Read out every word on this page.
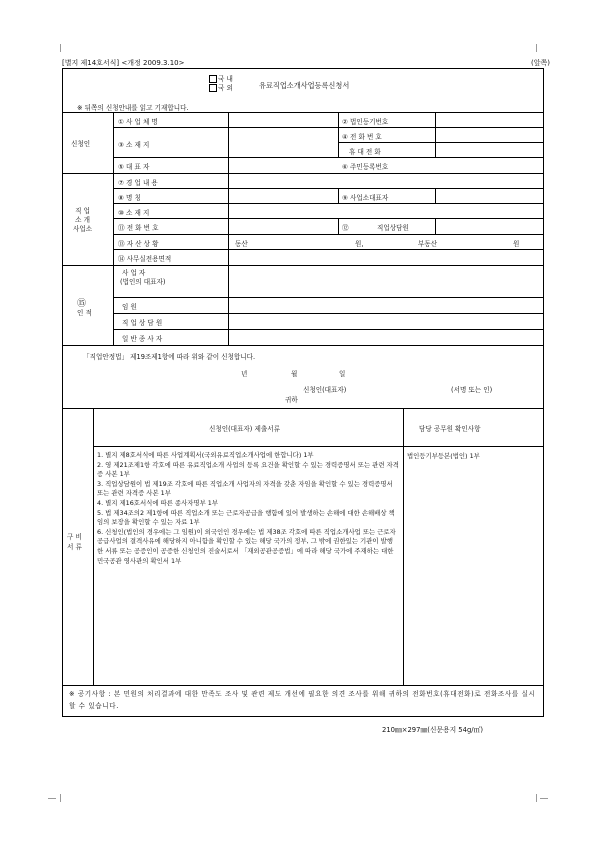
[별지 제14호서식] <개정 2009.3.10>	(앞쪽)
국 내
국 외	유료직업소개사업등록신청서
※ 뒤쪽의 신청안내를 읽고 기재합니다.
신청인
① 사 업 체 명	② 법인등기번호
③ 소 재 지
④ 전 화 번 호
휴 대 전 화
⑤ 대 표 자	⑥ 주민등록번호
직 업
소 개
사업소
⑦ 경 업 내 용
⑧ 명 칭	⑨ 사업소대표자
⑩ 소 재 지
⑪ 전 화 번 호	⑫	직업상담원
⑬ 자 산 상 황	동산	원,	부동산	원
⑭ 사무실전용면적
⑮
인 적
사 업 자
(법인의 대표자)
임 원
직 업 상 담 원
일 반 종 사 자
「직업안정법」 제19조제1항에 따라 위와 같이 신청합니다.
년	월	일
신청인(대표자)	(서명 또는 인)
귀하
구 비
서 류
신청인(대표자) 제출서류	담당 공무원 확인사항

1. 별지 제8호서식에 따른 사업계획서(국외유료직업소개사업에 한합니다) 1부

2. 영 제21조제1항 각호에 따른 유료직업소개 사업의 등록 요건을 확인할 수 있는 경력증명서 또는 관련 자격증 사본 1부

3. 직업상담원이 법 제19조 각호에 따른 직업소개 사업자의 자격을 갖춘 자임을 확인할 수 있는 경력증명서 또는 관련 자격증 사본 1부

4. 별지 제16호서식에 따른 종사자명부 1부

5. 법 제34조의2 제1항에 따른 직업소개 또는 근로자공급을 행함에 있어 발생하는 손해에 대한 손해배상 책임의 보장을 확인할 수 있는 자료 1부

6. 신청인(법인의 경우에는 그 임원)이 외국인인 경우에는 법 제38조 각호에 따른 직업소개사업 또는 근로자공급사업의 결격사유에 해당하지 아니함을 확인할 수 있는 해당 국가의 정부, 그 밖에 권한있는 기관이 발행한 서류 또는 공증인이 공증한 신청인의 진술서로서 「재외공관공증법」에 따라 해당 국가에 주재하는 대한민국공관 영사관의 확인서 1부

법인등기부등본(법인) 1부
※ 공기사항 : 본 민원의 처리결과에 대한 만족도 조사 및 관련 제도 개선에 필요한 의견 조사를 위해 귀하의 전화번호(휴대전화)로 전화조사를 실시할 수 있습니다.
210㎜×297㎜(신문용지 54g/㎡)
